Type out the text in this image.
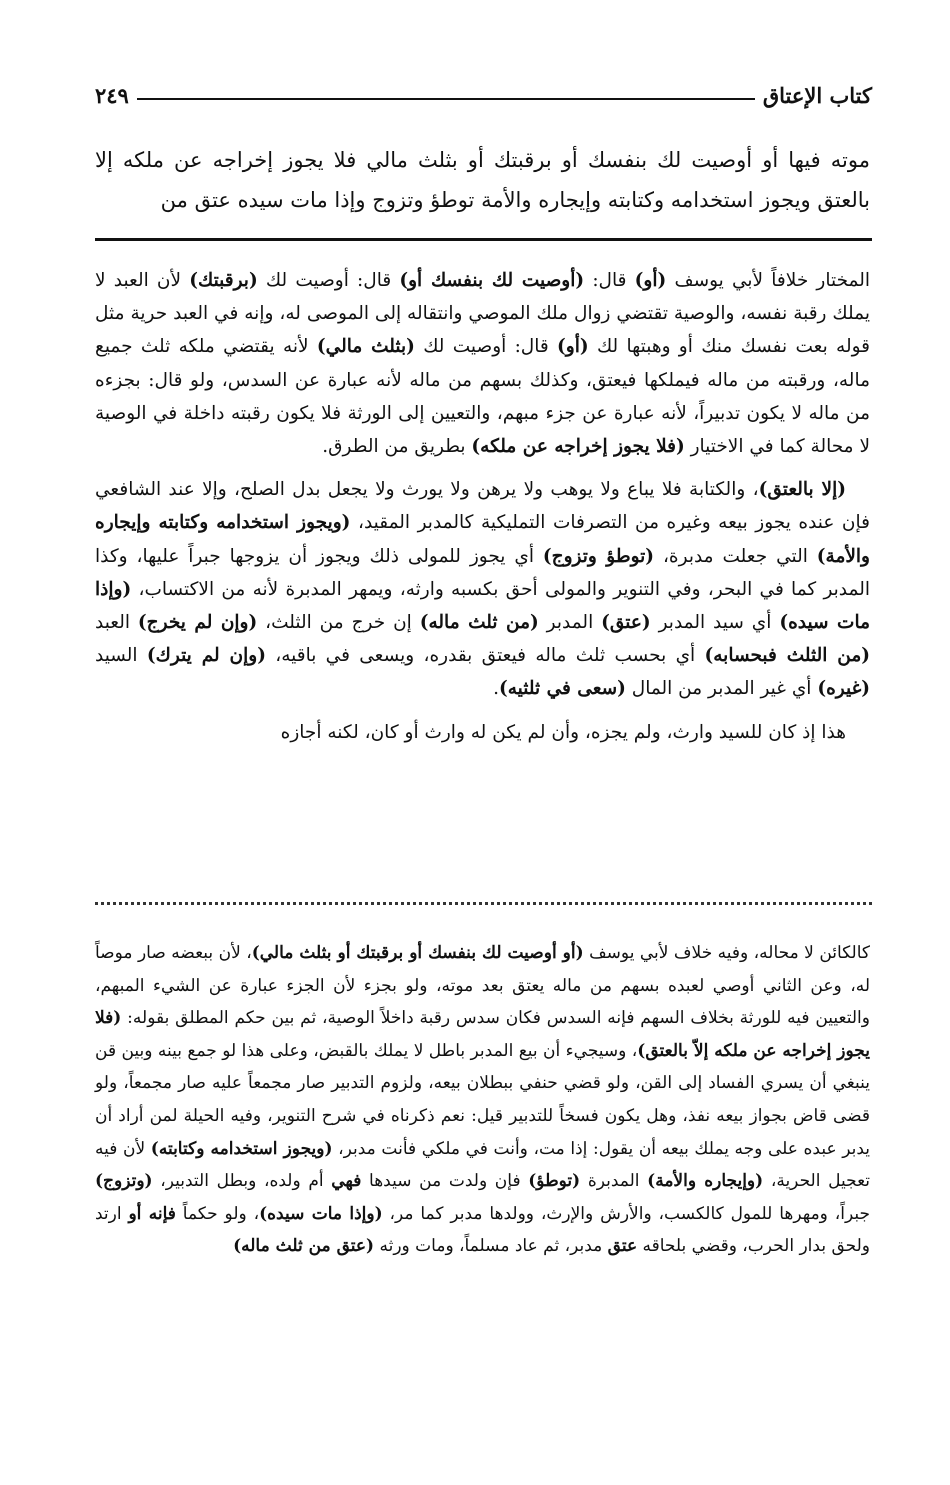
كتاب الإعتاق
٢٤٩
موته فيها أو أوصيت لك بنفسك أو برقبتك أو بثلث مالي فلا يجوز إخراجه عن ملكه إلا بالعتق ويجوز استخدامه وكتابته وإيجاره والأمة توطؤ وتزوج وإذا مات سيده عتق من

المختار خلافاً لأبي يوسف (أو) قال: (أوصيت لك بنفسك أو) قال: أوصيت لك (برقبتك) لأن العبد لا يملك رقبة نفسه، والوصية تقتضي زوال ملك الموصي وانتقاله إلى الموصى له، وإنه في العبد حرية مثل قوله بعت نفسك منك أو وهبتها لك (أو) قال: أوصيت لك (بثلث مالي) لأنه يقتضي ملكه ثلث جميع ماله، ورقبته من ماله فيملكها فيعتق، وكذلك بسهم من ماله لأنه عبارة عن السدس، ولو قال: بجزءه من ماله لا يكون تدبيراً، لأنه عبارة عن جزء مبهم، والتعيين إلى الورثة فلا يكون رقبته داخلة في الوصية لا محالة كما في الاختيار (فلا يجوز إخراجه عن ملكه) بطريق من الطرق.

(إلا بالعتق)، والكتابة فلا يباع ولا يوهب ولا يرهن ولا يورث ولا يجعل بدل الصلح، وإلا عند الشافعي فإن عنده يجوز بيعه وغيره من التصرفات التمليكية كالمدبر المقيد، (ويجوز استخدامه وكتابته وإيجاره والأمة) التي جعلت مدبرة، (توطؤ وتزوج) أي يجوز للمولى ذلك ويجوز أن يزوجها جبراً عليها، وكذا المدبر كما في البحر، وفي التنوير والمولى أحق بكسبه وارثه، ويمهر المدبرة لأنه من الاكتساب، (وإذا مات سيده) أي سيد المدبر (عتق) المدبر (من ثلث ماله) إن خرج من الثلث، (وإن لم يخرج) العبد (من الثلث فبحسابه) أي بحسب ثلث ماله فيعتق بقدره، ويسعى في باقيه، (وإن لم يترك) السيد (غيره) أي غير المدبر من المال (سعى في ثلثيه).

هذا إذ كان للسيد وارث، ولم يجزه، وأن لم يكن له وارث أو كان، لكنه أجازه

كالكائن لا محاله، وفيه خلاف لأبي يوسف (أو أوصيت لك بنفسك أو برقبتك أو بثلث مالي)، لأن ببعضه صار موصاً له، وعن الثاني أوصي لعبده بسهم من ماله يعتق بعد موته، ولو بجزء لأن الجزء عبارة عن الشيء المبهم، والتعيين فيه للورثة بخلاف السهم فإنه السدس فكان سدس رقبة داخلاً الوصية، ثم بين حكم المطلق بقوله: (فلا يجوز إخراجه عن ملكه إلاّ بالعتق)، وسيجيء أن بيع المدبر باطل لا يملك بالقبض، وعلى هذا لو جمع بينه وبين قن ينبغي أن يسري الفساد إلى القن، ولو قضي حنفي ببطلان بيعه، ولزوم التدبير صار مجمعاً عليه صار مجمعاً، ولو قضى قاض بجواز بيعه نفذ، وهل يكون فسخاً للتدبير قيل: نعم ذكرناه في شرح التنوير، وفيه الحيلة لمن أراد أن يدبر عبده على وجه يملك بيعه أن يقول: إذا مت، وأنت في ملكي فأنت مدبر، (ويجوز استخدامه وكتابته) لأن فيه تعجيل الحرية، (وإيجاره والأمة) المدبرة (توطؤ) فإن ولدت من سيدها فهي أم ولده، وبطل التدبير، (وتزوج) جبراً، ومهرها للمول كالكسب، والأرش والإرث، وولدها مدبر كما مر، (وإذا مات سيده)، ولو حكماً فإنه أو ارتد ولحق بدار الحرب، وقضي بلحاقه عتق مدبر، ثم عاد مسلماً، ومات ورثه (عتق من ثلث ماله)
